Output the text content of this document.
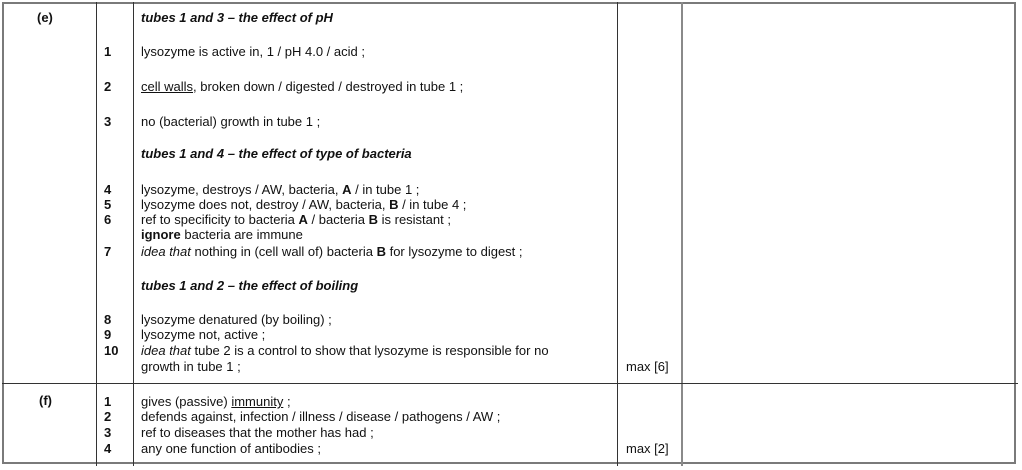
(e)	tubes 1 and 3 – the effect of pH
1 lysozyme is active in, 1 / pH 4.0 / acid ;
2 cell walls, broken down / digested / destroyed in tube 1 ;
3 no (bacterial) growth in tube 1 ;
tubes 1 and 4 – the effect of type of bacteria
4 lysozyme, destroys / AW, bacteria, A / in tube 1 ;
5 lysozyme does not, destroy / AW, bacteria, B / in tube 4 ;
6 ref to specificity to bacteria A / bacteria B is resistant ;
ignore bacteria are immune
7 idea that nothing in (cell wall of) bacteria B for lysozyme to digest ;
tubes 1 and 2 – the effect of boiling
8 lysozyme denatured (by boiling) ;
9 lysozyme not, active ;
10 idea that tube 2 is a control to show that lysozyme is responsible for no
growth in tube 1 ;	max [6]
(f)	1 gives (passive) immunity ;
2 defends against, infection / illness / disease / pathogens / AW ;
3 ref to diseases that the mother has had ;
4 any one function of antibodies ;	max [2]
